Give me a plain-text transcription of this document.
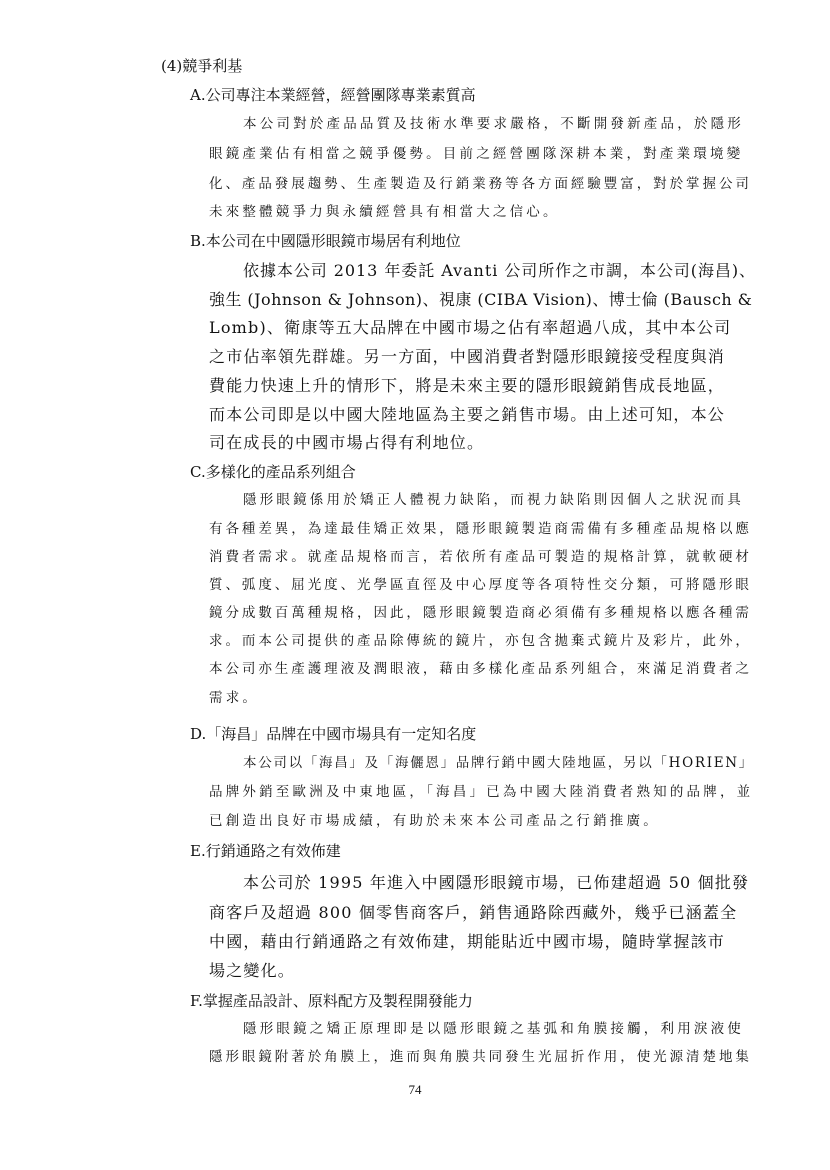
(4)競爭利基
A.公司專注本業經營，經營團隊專業素質高
本公司對於產品品質及技術水準要求嚴格，不斷開發新產品，於隱形
眼鏡產業佔有相當之競爭優勢。目前之經營團隊深耕本業，對產業環境變
化、產品發展趨勢、生產製造及行銷業務等各方面經驗豐富，對於掌握公司
未來整體競爭力與永續經營具有相當大之信心。
B.本公司在中國隱形眼鏡市場居有利地位
依據本公司 2013 年委託 Avanti 公司所作之市調，本公司(海昌)、
強生 (Johnson & Johnson)、視康 (CIBA Vision)、博士倫 (Bausch &
Lomb)、衛康等五大品牌在中國市場之佔有率超過八成，其中本公司
之市佔率領先群雄。另一方面，中國消費者對隱形眼鏡接受程度與消
費能力快速上升的情形下，將是未來主要的隱形眼鏡銷售成長地區，
而本公司即是以中國大陸地區為主要之銷售市場。由上述可知，本公
司在成長的中國市場占得有利地位。
C.多樣化的產品系列組合
隱形眼鏡係用於矯正人體視力缺陷，而視力缺陷則因個人之狀況而具
有各種差異，為達最佳矯正效果，隱形眼鏡製造商需備有多種產品規格以應
消費者需求。就產品規格而言，若依所有產品可製造的規格計算，就軟硬材
質、弧度、屈光度、光學區直徑及中心厚度等各項特性交分類，可將隱形眼
鏡分成數百萬種規格，因此，隱形眼鏡製造商必須備有多種規格以應各種需
求。而本公司提供的產品除傳統的鏡片，亦包含拋棄式鏡片及彩片，此外，
本公司亦生產護理液及潤眼液，藉由多樣化產品系列組合，來滿足消費者之
需求。
D.「海昌」品牌在中國市場具有一定知名度
本公司以「海昌」及「海儷恩」品牌行銷中國大陸地區，另以「HORIEN」
品牌外銷至歐洲及中東地區，「海昌」已為中國大陸消費者熟知的品牌，並
已創造出良好市場成績，有助於未來本公司產品之行銷推廣。
E.行銷通路之有效佈建
本公司於 1995 年進入中國隱形眼鏡市場，已佈建超過 50 個批發
商客戶及超過 800 個零售商客戶，銷售通路除西藏外，幾乎已涵蓋全
中國，藉由行銷通路之有效佈建，期能貼近中國市場，隨時掌握該市
場之變化。
F.掌握產品設計、原料配方及製程開發能力
隱形眼鏡之矯正原理即是以隱形眼鏡之基弧和角膜接觸，利用淚液使
隱形眼鏡附著於角膜上，進而與角膜共同發生光屈折作用，使光源清楚地集
74
